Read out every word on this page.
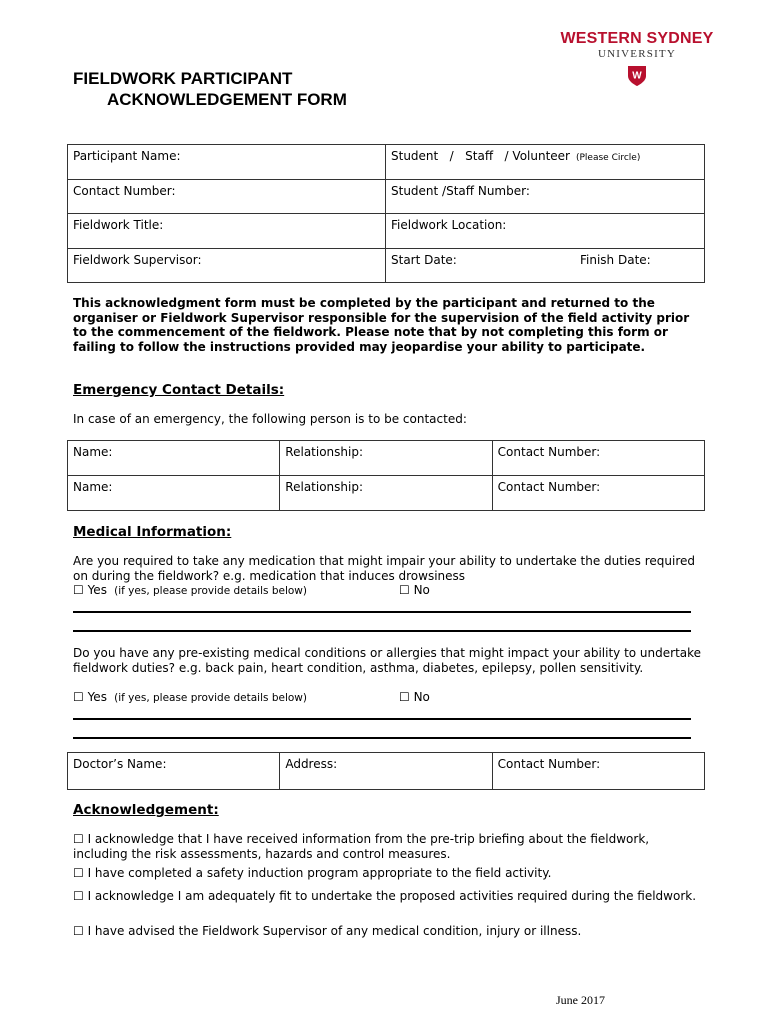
FIELDWORK PARTICIPANT
ACKNOWLEDGEMENT FORM
WESTERN SYDNEY
UNIVERSITY
W
Participant Name:	Student   /   Staff   / Volunteer (Please Circle)
Contact Number:	Student /Staff Number:
Fieldwork Title:	Fieldwork Location:
Fieldwork Supervisor:	Start Date: Finish Date:
This acknowledgment form must be completed by the participant and returned to the organiser or Fieldwork Supervisor responsible for the supervision of the field activity prior to the commencement of the fieldwork. Please note that by not completing this form or failing to follow the instructions provided may jeopardise your ability to participate.
Emergency Contact Details:
In case of an emergency, the following person is to be contacted:
Name:	Relationship:	Contact Number:
Name:	Relationship:	Contact Number:
Medical Information:
Are you required to take any medication that might impair your ability to undertake the duties required on during the fieldwork? e.g. medication that induces drowsiness
☐ Yes  (if yes, please provide details below)	☐ No
Do you have any pre-existing medical conditions or allergies that might impact your ability to undertake fieldwork duties? e.g. back pain, heart condition, asthma, diabetes, epilepsy, pollen sensitivity.
☐ Yes  (if yes, please provide details below)	☐ No
Doctor’s Name:	Address:	Contact Number:
Acknowledgement:
☐ I acknowledge that I have received information from the pre-trip briefing about the fieldwork, including the risk assessments, hazards and control measures.
☐ I have completed a safety induction program appropriate to the field activity.
☐ I acknowledge I am adequately fit to undertake the proposed activities required during the fieldwork.
☐ I have advised the Fieldwork Supervisor of any medical condition, injury or illness.
June 2017
